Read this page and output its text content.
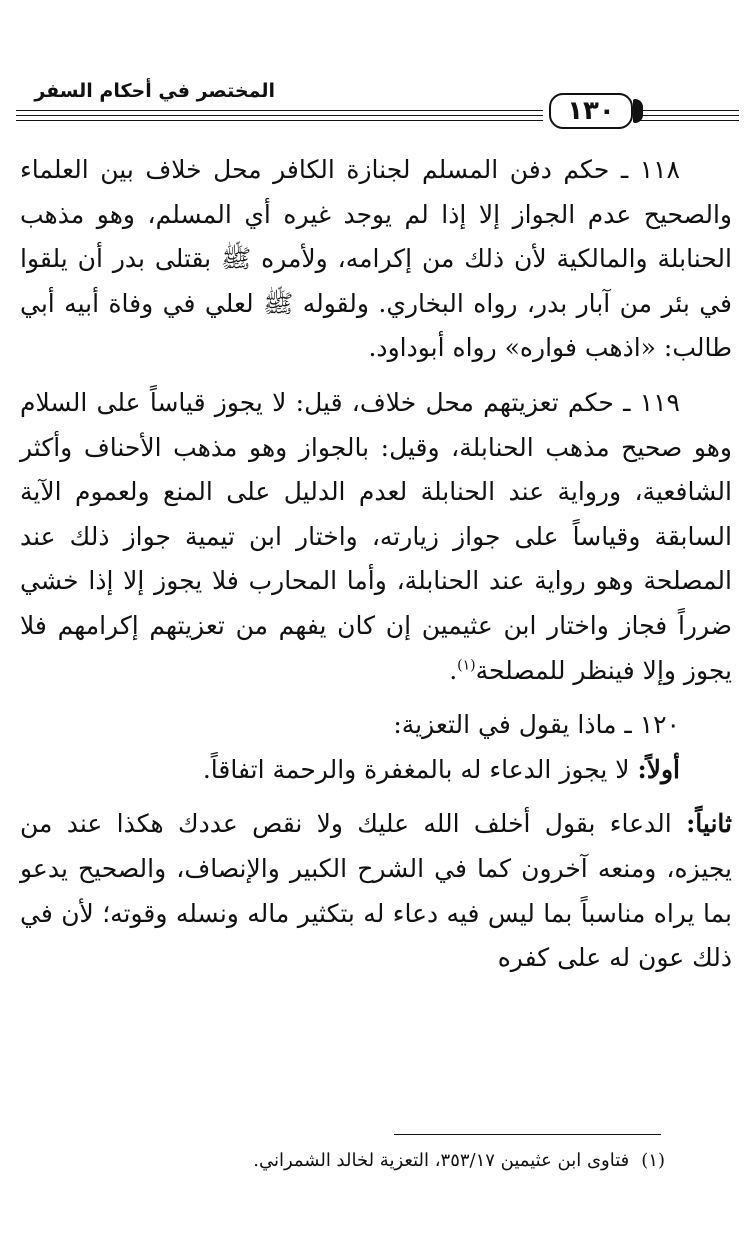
المختصر في أحكام السفر
١٣٠

١١٨ ـ حكم دفن المسلم لجنازة الكافر محل خلاف بين العلماء والصحيح عدم الجواز إلا إذا لم يوجد غيره أي المسلم، وهو مذهب الحنابلة والمالكية لأن ذلك من إكرامه، ولأمره ﷺ بقتلى بدر أن يلقوا في بئر من آبار بدر، رواه البخاري. ولقوله ﷺ لعلي في وفاة أبيه أبي طالب: «اذهب فواره» رواه أبوداود.

١١٩ ـ حكم تعزيتهم محل خلاف، قيل: لا يجوز قياساً على السلام وهو صحيح مذهب الحنابلة، وقيل: بالجواز وهو مذهب الأحناف وأكثر الشافعية، ورواية عند الحنابلة لعدم الدليل على المنع ولعموم الآية السابقة وقياساً على جواز زيارته، واختار ابن تيمية جواز ذلك عند المصلحة وهو رواية عند الحنابلة، وأما المحارب فلا يجوز إلا إذا خشي ضرراً فجاز واختار ابن عثيمين إن كان يفهم من تعزيتهم إكرامهم فلا يجوز وإلا فينظر للمصلحة$^{(١)}$.

١٢٠ ـ ماذا يقول في التعزية:

أولاً: لا يجوز الدعاء له بالمغفرة والرحمة اتفاقاً.

ثانياً: الدعاء بقول أخلف الله عليك ولا نقص عددك هكذا عند من يجيزه، ومنعه آخرون كما في الشرح الكبير والإنصاف، والصحيح يدعو بما يراه مناسباً بما ليس فيه دعاء له بتكثير ماله ونسله وقوته؛ لأن في ذلك عون له على كفره

(١)فتاوى ابن عثيمين ٣٥٣/١٧، التعزية لخالد الشمراني.
